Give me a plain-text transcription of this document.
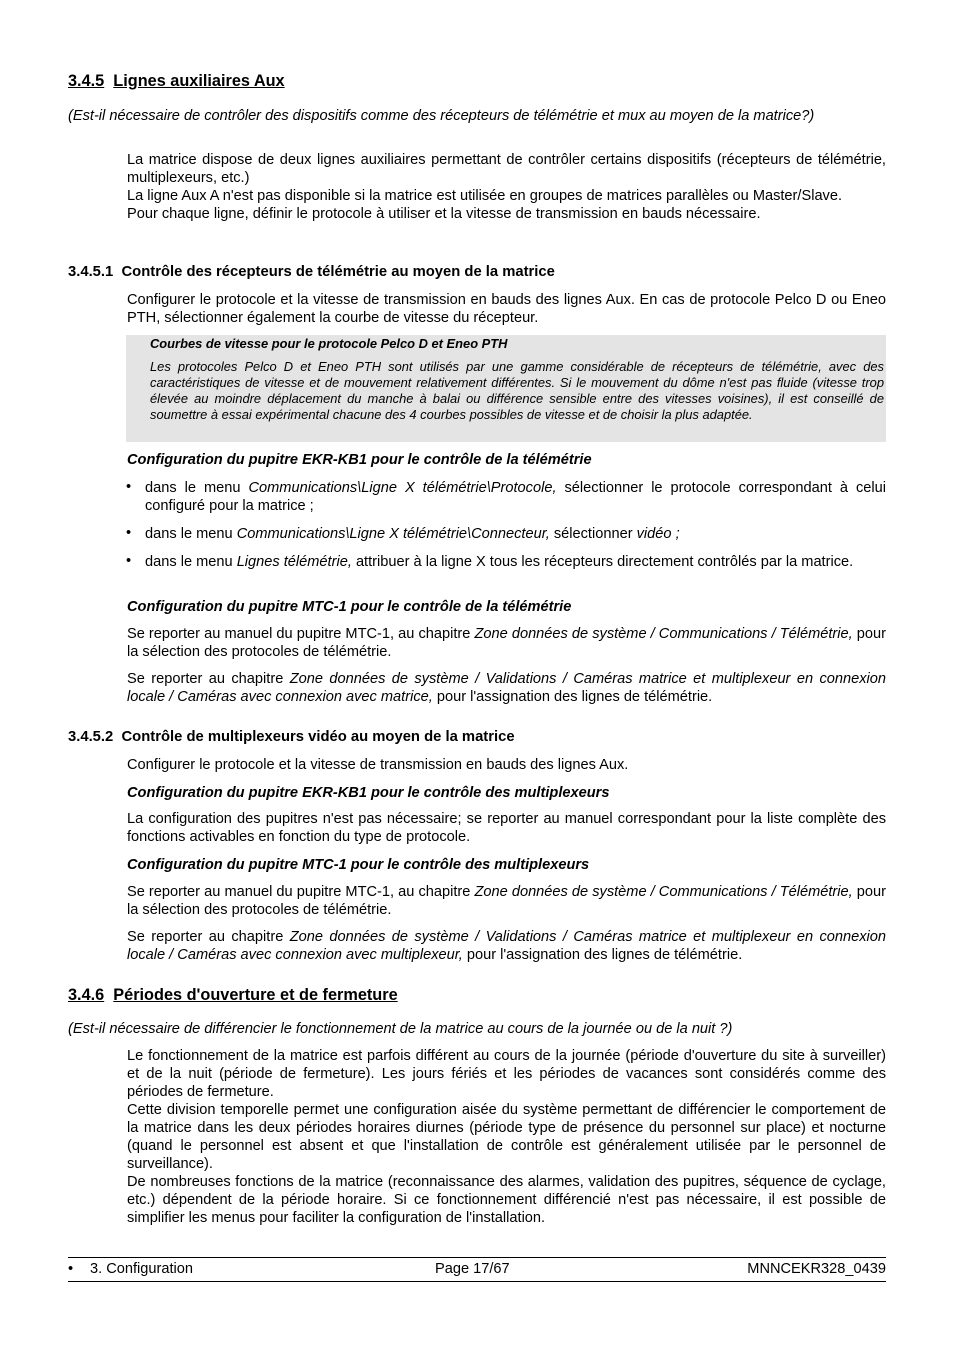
3.4.5 Lignes auxiliaires Aux
(Est-il nécessaire de contrôler des dispositifs comme des récepteurs de télémétrie et mux au moyen de la matrice?)
La matrice dispose de deux lignes auxiliaires permettant de contrôler certains dispositifs (récepteurs de télémétrie, multiplexeurs, etc.)
La ligne Aux A n'est pas disponible si la matrice est utilisée en groupes de matrices parallèles ou Master/Slave.
Pour chaque ligne, définir le protocole à utiliser et la vitesse de transmission en bauds nécessaire.
3.4.5.1 Contrôle des récepteurs de télémétrie au moyen de la matrice
Configurer le protocole et la vitesse de transmission en bauds des lignes Aux. En cas de protocole Pelco D ou Eneo PTH, sélectionner également la courbe de vitesse du récepteur.
Courbes de vitesse pour le protocole Pelco D et Eneo PTH
Les protocoles Pelco D et Eneo PTH sont utilisés par une gamme considérable de récepteurs de télémétrie, avec des caractéristiques de vitesse et de mouvement relativement différentes. Si le mouvement du dôme n'est pas fluide (vitesse trop élevée au moindre déplacement du manche à balai ou différence sensible entre des vitesses voisines), il est conseillé de soumettre à essai expérimental chacune des 4 courbes possibles de vitesse et de choisir la plus adaptée.
Configuration du pupitre EKR-KB1 pour le contrôle de la télémétrie
• dans le menu Communications\Ligne X télémétrie\Protocole, sélectionner le protocole correspondant à celui configuré pour la matrice ;
• dans le menu Communications\Ligne X télémétrie\Connecteur, sélectionner vidéo ;
• dans le menu Lignes télémétrie, attribuer à la ligne X tous les récepteurs directement contrôlés par la matrice.
Configuration du pupitre MTC-1 pour le contrôle de la télémétrie
Se reporter au manuel du pupitre MTC-1, au chapitre Zone données de système / Communications / Télémétrie, pour la sélection des protocoles de télémétrie.
Se reporter au chapitre Zone données de système / Validations / Caméras matrice et multiplexeur en connexion locale / Caméras avec connexion avec matrice, pour l'assignation des lignes de télémétrie.
3.4.5.2 Contrôle de multiplexeurs vidéo au moyen de la matrice
Configurer le protocole et la vitesse de transmission en bauds des lignes Aux.
Configuration du pupitre EKR-KB1 pour le contrôle des multiplexeurs
La configuration des pupitres n'est pas nécessaire; se reporter au manuel correspondant pour la liste complète des fonctions activables en fonction du type de protocole.
Configuration du pupitre MTC-1 pour le contrôle des multiplexeurs
Se reporter au manuel du pupitre MTC-1, au chapitre Zone données de système / Communications / Télémétrie, pour la sélection des protocoles de télémétrie.
Se reporter au chapitre Zone données de système / Validations / Caméras matrice et multiplexeur en connexion locale / Caméras avec connexion avec multiplexeur, pour l'assignation des lignes de télémétrie.
3.4.6 Périodes d'ouverture et de fermeture
(Est-il nécessaire de différencier le fonctionnement de la matrice au cours de la journée ou de la nuit ?)
Le fonctionnement de la matrice est parfois différent au cours de la journée (période d'ouverture du site à surveiller) et de la nuit (période de fermeture). Les jours fériés et les périodes de vacances sont considérés comme des périodes de fermeture.
Cette division temporelle permet une configuration aisée du système permettant de différencier le comportement de la matrice dans les deux périodes horaires diurnes (période type de présence du personnel sur place) et nocturne (quand le personnel est absent et que l'installation de contrôle est généralement utilisée par le personnel de surveillance).
De nombreuses fonctions de la matrice (reconnaissance des alarmes, validation des pupitres, séquence de cyclage, etc.) dépendent de la période horaire. Si ce fonctionnement différencié n'est pas nécessaire, il est possible de simplifier les menus pour faciliter la configuration de l'installation.
• 3. Configuration	Page 17/67	MNNCEKR328_0439
